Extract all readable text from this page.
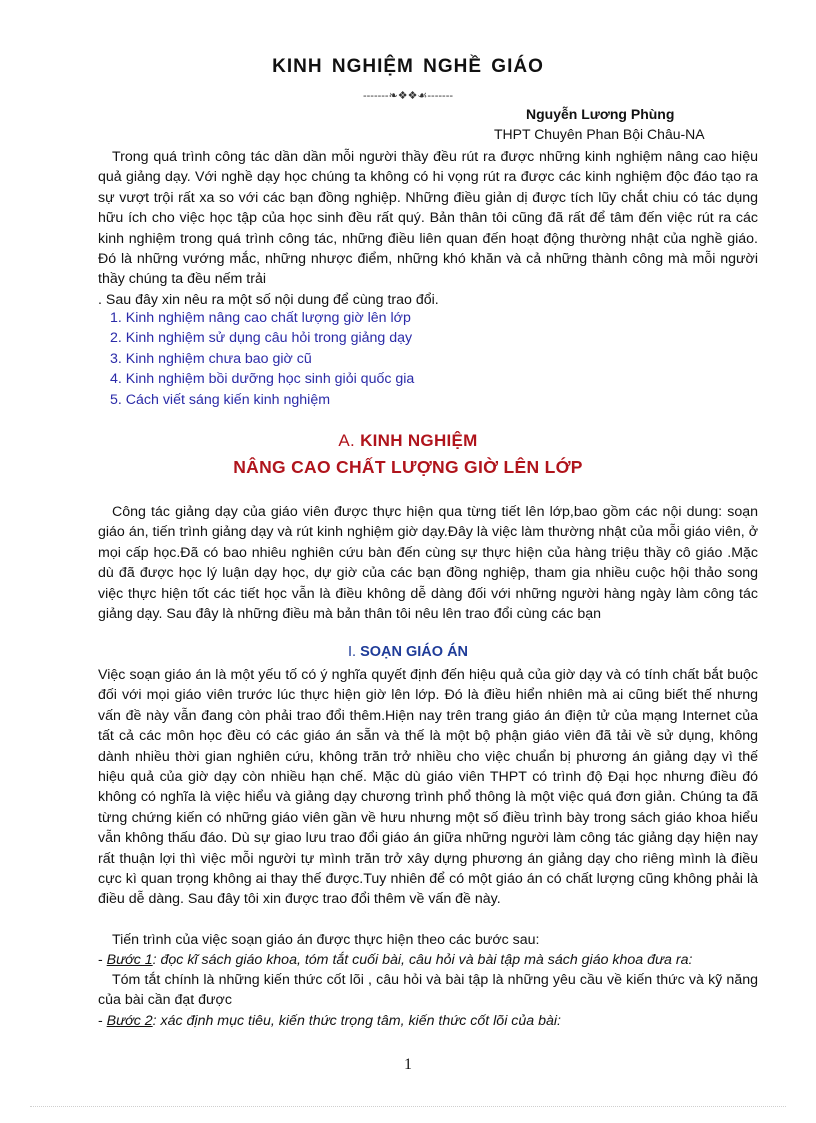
KINH NGHIỆM NGHỀ GIÁO
-------❧❖❖☙-------
Nguyễn Lương Phùng
THPT Chuyên Phan Bội Châu-NA

Trong quá trình công tác dần dần mỗi người thầy đều rút ra được những kinh nghiệm nâng cao hiệu quả giảng dạy. Với nghề dạy học chúng ta không có hi vọng rút ra được các kinh nghiệm độc đáo tạo ra sự vượt trội rất xa so với các bạn đồng nghiệp. Những điều giản dị được tích lũy chắt chiu có tác dụng hữu ích cho việc học tập của học sinh đều rất quý. Bản thân tôi cũng đã rất để tâm đến việc rút ra các kinh nghiệm trong quá trình công tác, những điều liên quan đến hoạt động thường nhật của nghề giáo. Đó là những vướng mắc, những nhược điểm, những khó khăn và cả những thành công mà mỗi người thầy chúng ta đều nếm trải

. Sau đây xin nêu ra một số nội dung để cùng trao đổi.

1. Kinh nghiệm nâng cao chất lượng giờ lên lớp
2. Kinh nghiệm sử dụng câu hỏi trong giảng dạy
3. Kinh nghiệm chưa bao giờ cũ
4. Kinh nghiệm bồi dưỡng học sinh giỏi quốc gia
5. Cách viết sáng kiến kinh nghiệm
A. KINH NGHIỆM
NÂNG CAO CHẤT LƯỢNG GIỜ LÊN LỚP

Công tác giảng dạy của giáo viên được thực hiện qua từng tiết lên lớp,bao gồm các nội dung: soạn giáo án, tiến trình giảng dạy và rút kinh nghiệm giờ dạy.Đây là việc làm thường nhật của mỗi giáo viên, ở mọi cấp học.Đã có bao nhiêu nghiên cứu bàn đến cùng sự thực hiện của hàng triệu thầy cô giáo .Mặc dù đã được học lý luận dạy học, dự giờ của các bạn đồng nghiệp, tham gia nhiều cuộc hội thảo song việc thực hiện tốt các tiết học vẫn là điều không dễ dàng đối với những người hàng ngày làm công tác giảng dạy. Sau đây là những điều mà bản thân tôi nêu lên trao đổi cùng các bạn

I. SOẠN GIÁO ÁN

Việc soạn giáo án là một yếu tố có ý nghĩa quyết định đến hiệu quả của giờ dạy và có tính chất bắt buộc đối với mọi giáo viên trước lúc thực hiện giờ lên lớp. Đó là điều hiển nhiên mà ai cũng biết thế nhưng vấn đề này vẫn đang còn phải trao đổi thêm.Hiện nay trên trang giáo án điện tử của mạng Internet của tất cả các môn học đều có các giáo án sẵn và thế là một bộ phận giáo viên đã tải về sử dụng, không dành nhiều thời gian nghiên cứu, không trăn trở nhiều cho việc chuẩn bị phương án giảng dạy vì thế hiệu quả của giờ dạy còn nhiều hạn chế. Mặc dù giáo viên THPT có trình độ Đại học nhưng điều đó không có nghĩa là việc hiểu và giảng dạy chương trình phổ thông là một việc quá đơn giản. Chúng ta đã từng chứng kiến có những giáo viên gần về hưu nhưng một số điều trình bày trong sách giáo khoa hiểu vẫn không thấu đáo. Dù sự giao lưu trao đổi giáo án giữa những người làm công tác giảng dạy hiện nay rất thuận lợi thì việc mỗi người tự mình trăn trở xây dựng phương án giảng dạy cho riêng mình là điều cực kì quan trọng không ai thay thế được.Tuy nhiên để có một giáo án có chất lượng cũng không phải là điều dễ dàng. Sau đây tôi xin được trao đổi thêm về vấn đề này.

Tiến trình của việc soạn giáo án được thực hiện theo các bước sau:

- Bước 1: đọc kĩ sách giáo khoa, tóm tắt cuối bài, câu hỏi và bài tập mà sách giáo khoa đưa ra:

Tóm tắt chính là những kiến thức cốt lõi , câu hỏi và bài tập là những yêu cầu về kiến thức và kỹ năng của bài cần đạt được

- Bước 2: xác định mục tiêu, kiến thức trọng tâm, kiến thức cốt lõi của bài:
1
